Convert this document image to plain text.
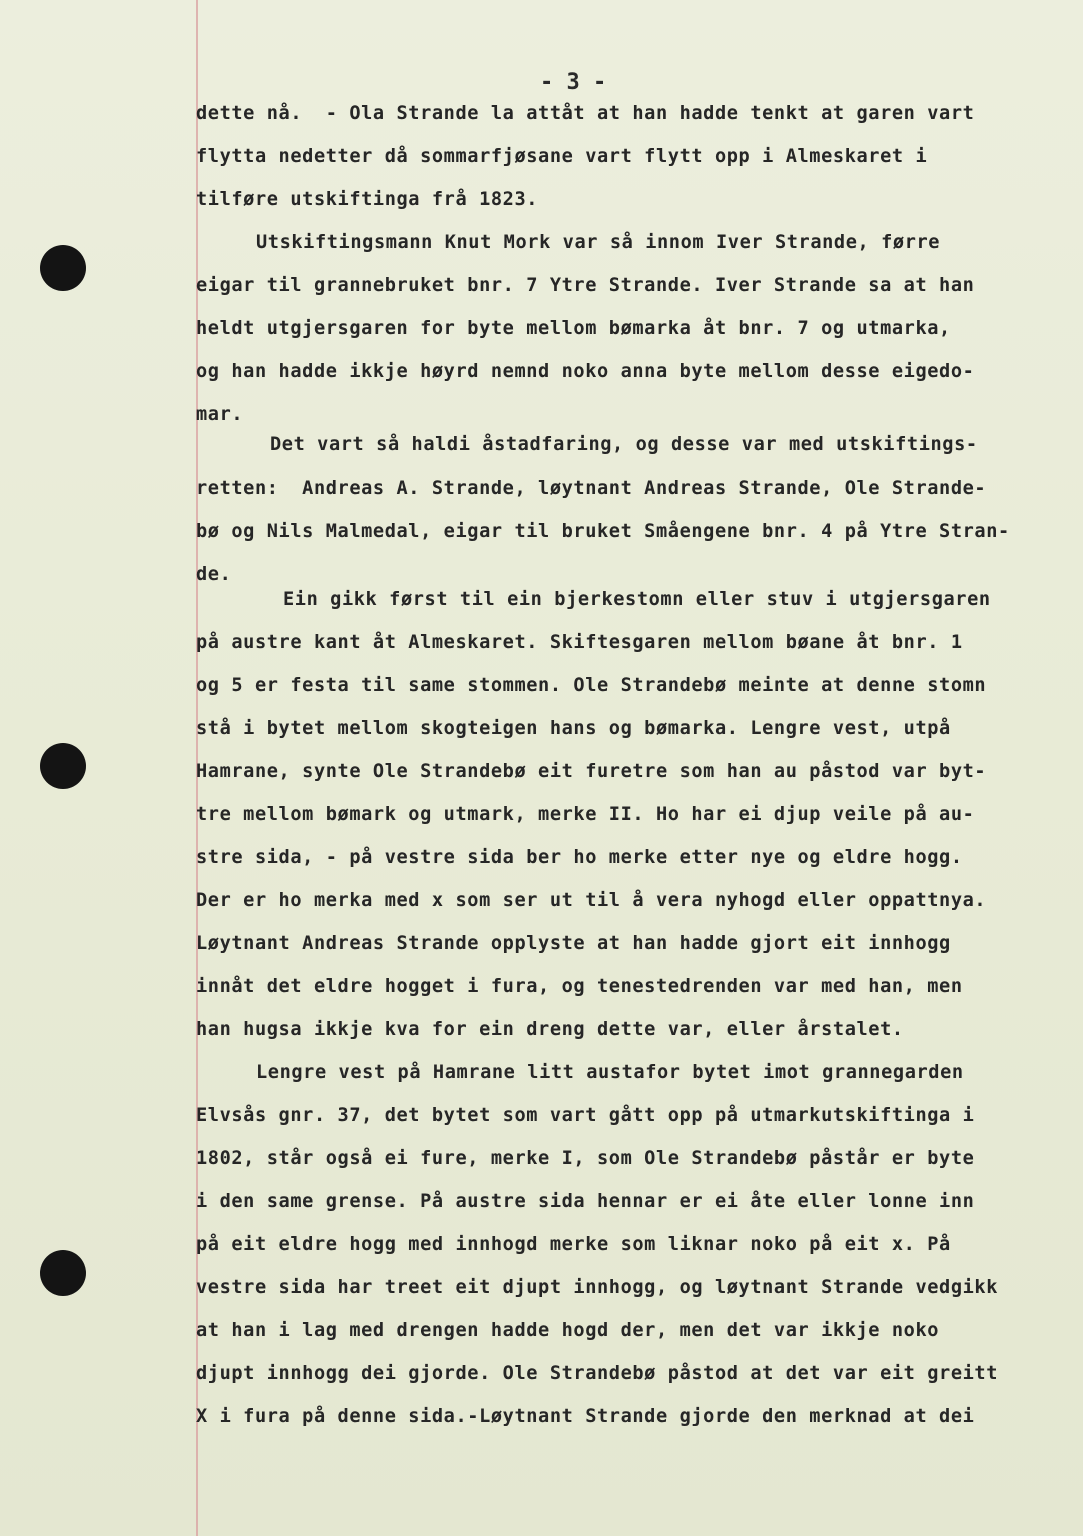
- 3 -
dette nå.  - Ola Strande la attåt at han hadde tenkt at garen vart
flytta nedetter då sommarfjøsane vart flytt opp i Almeskaret i
tilføre utskiftinga frå 1823.
Utskiftingsmann Knut Mork var så innom Iver Strande, førre
eigar til grannebruket bnr. 7 Ytre Strande. Iver Strande sa at han
heldt utgjersgaren for byte mellom bømarka åt bnr. 7 og utmarka,
og han hadde ikkje høyrd nemnd noko anna byte mellom desse eigedo-
mar.
Det vart så haldi åstadfaring, og desse var med utskiftings-
retten:  Andreas A. Strande, løytnant Andreas Strande, Ole Strande-
bø og Nils Malmedal, eigar til bruket Småengene bnr. 4 på Ytre Stran-
de.
Ein gikk først til ein bjerkestomn eller stuv i utgjersgaren
på austre kant åt Almeskaret. Skiftesgaren mellom bøane åt bnr. 1
og 5 er festa til same stommen. Ole Strandebø meinte at denne stomn
stå i bytet mellom skogteigen hans og bømarka. Lengre vest, utpå
Hamrane, synte Ole Strandebø eit furetre som han au påstod var byt-
tre mellom bømark og utmark, merke II. Ho har ei djup veile på au-
stre sida, - på vestre sida ber ho merke etter nye og eldre hogg.
Der er ho merka med x som ser ut til å vera nyhogd eller oppattnya.
Løytnant Andreas Strande opplyste at han hadde gjort eit innhogg
innåt det eldre hogget i fura, og tenestedrenden var med han, men
han hugsa ikkje kva for ein dreng dette var, eller årstalet.
Lengre vest på Hamrane litt austafor bytet imot grannegarden
Elvsås gnr. 37, det bytet som vart gått opp på utmarkutskiftinga i
1802, står også ei fure, merke I, som Ole Strandebø påstår er byte
i den same grense. På austre sida hennar er ei åte eller lonne inn
på eit eldre hogg med innhogd merke som liknar noko på eit x. På
vestre sida har treet eit djupt innhogg, og løytnant Strande vedgikk
at han i lag med drengen hadde hogd der, men det var ikkje noko
djupt innhogg dei gjorde. Ole Strandebø påstod at det var eit greitt
X i fura på denne sida.-Løytnant Strande gjorde den merknad at dei
